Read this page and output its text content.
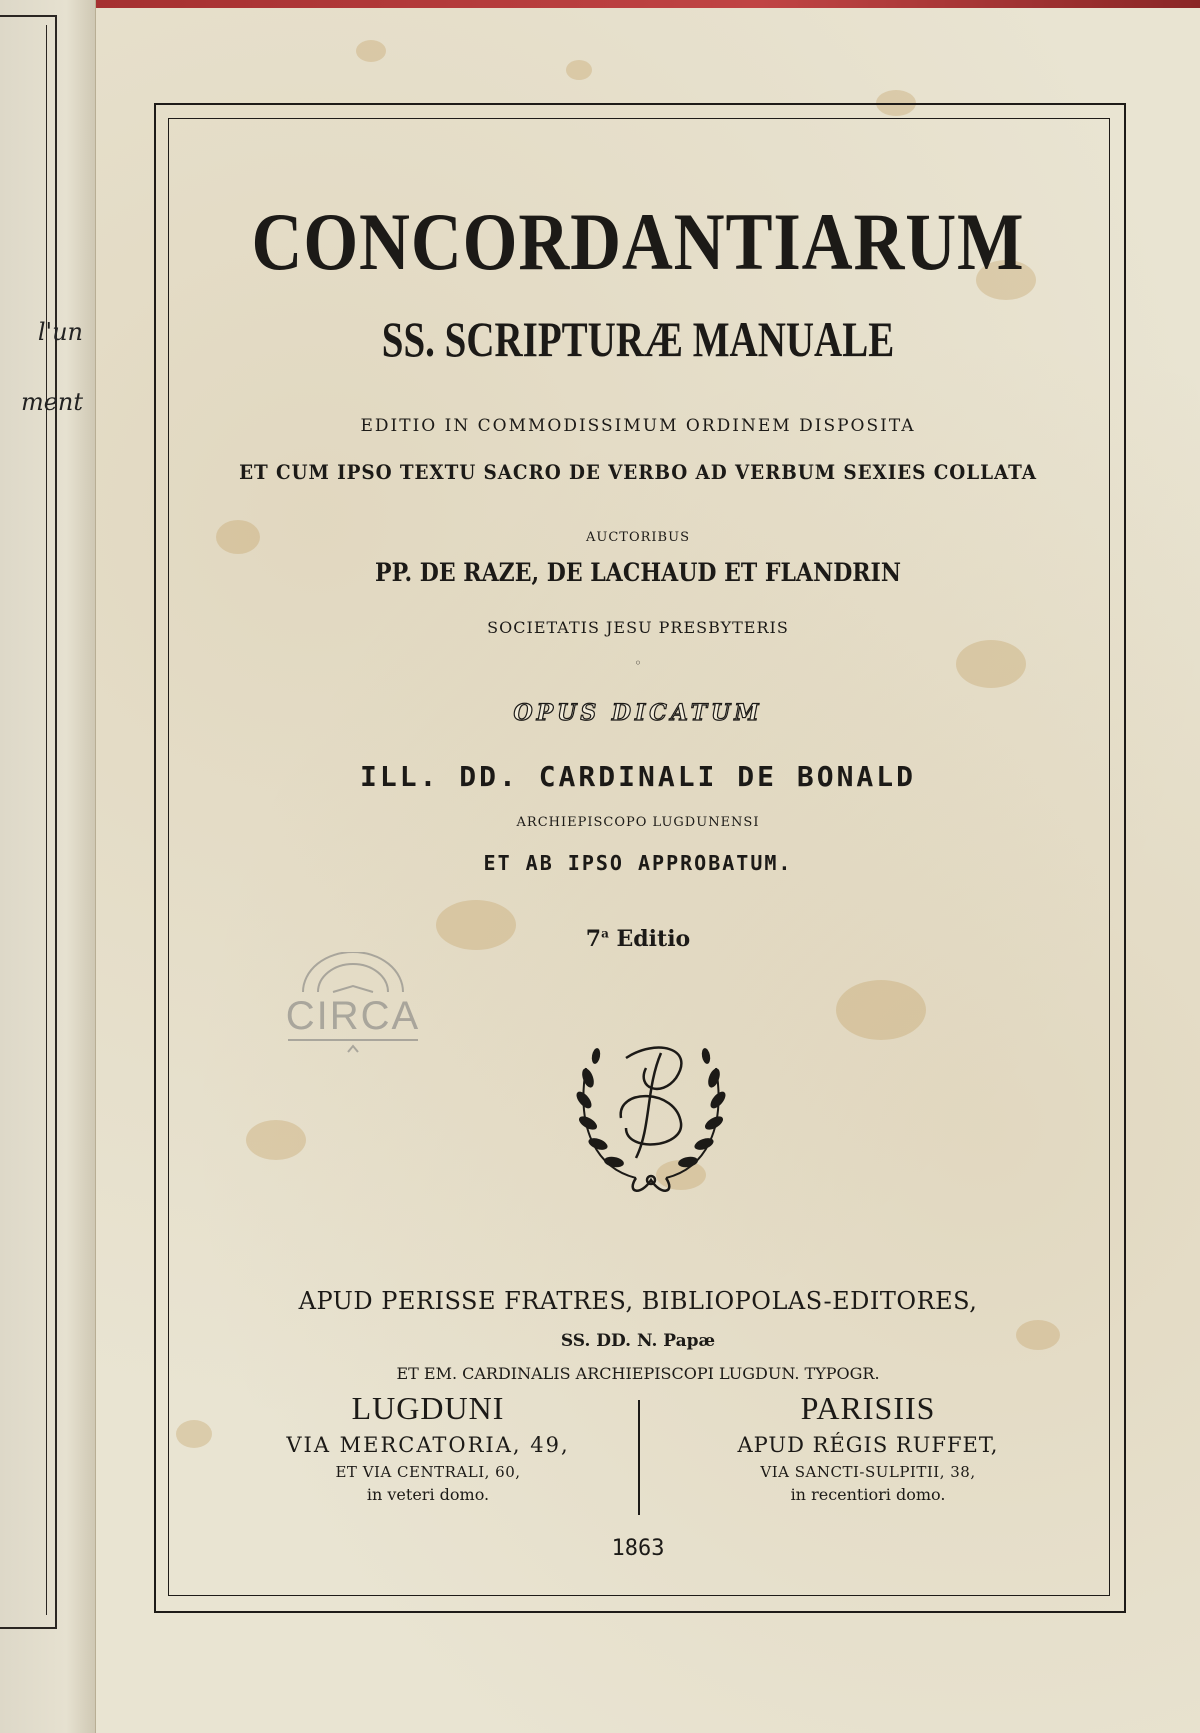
l'un
ment
CONCORDANTIARUM
SS. SCRIPTURÆ MANUALE
EDITIO IN COMMODISSIMUM ORDINEM DISPOSITA
ET CUM IPSO TEXTU SACRO DE VERBO AD VERBUM SEXIES COLLATA
AUCTORIBUS
PP. DE RAZE, DE LACHAUD ET FLANDRIN
SOCIETATIS JESU PRESBYTERIS
◦
OPUS DICATUM
ILL. DD. CARDINALI DE BONALD
ARCHIEPISCOPO LUGDUNENSI
ET AB IPSO APPROBATUM.
7$^a$ Editio
APUD PERISSE FRATRES, BIBLIOPOLAS-EDITORES,
SS. DD. N. Papæ
ET EM. CARDINALIS ARCHIEPISCOPI LUGDUN. TYPOGR.
LUGDUNI
VIA MERCATORIA, 49,
ET VIA CENTRALI, 60,
in veteri domo.
PARISIIS
APUD RÉGIS RUFFET,
VIA SANCTI-SULPITII, 38,
in recentiori domo.
1863
CIRCA
